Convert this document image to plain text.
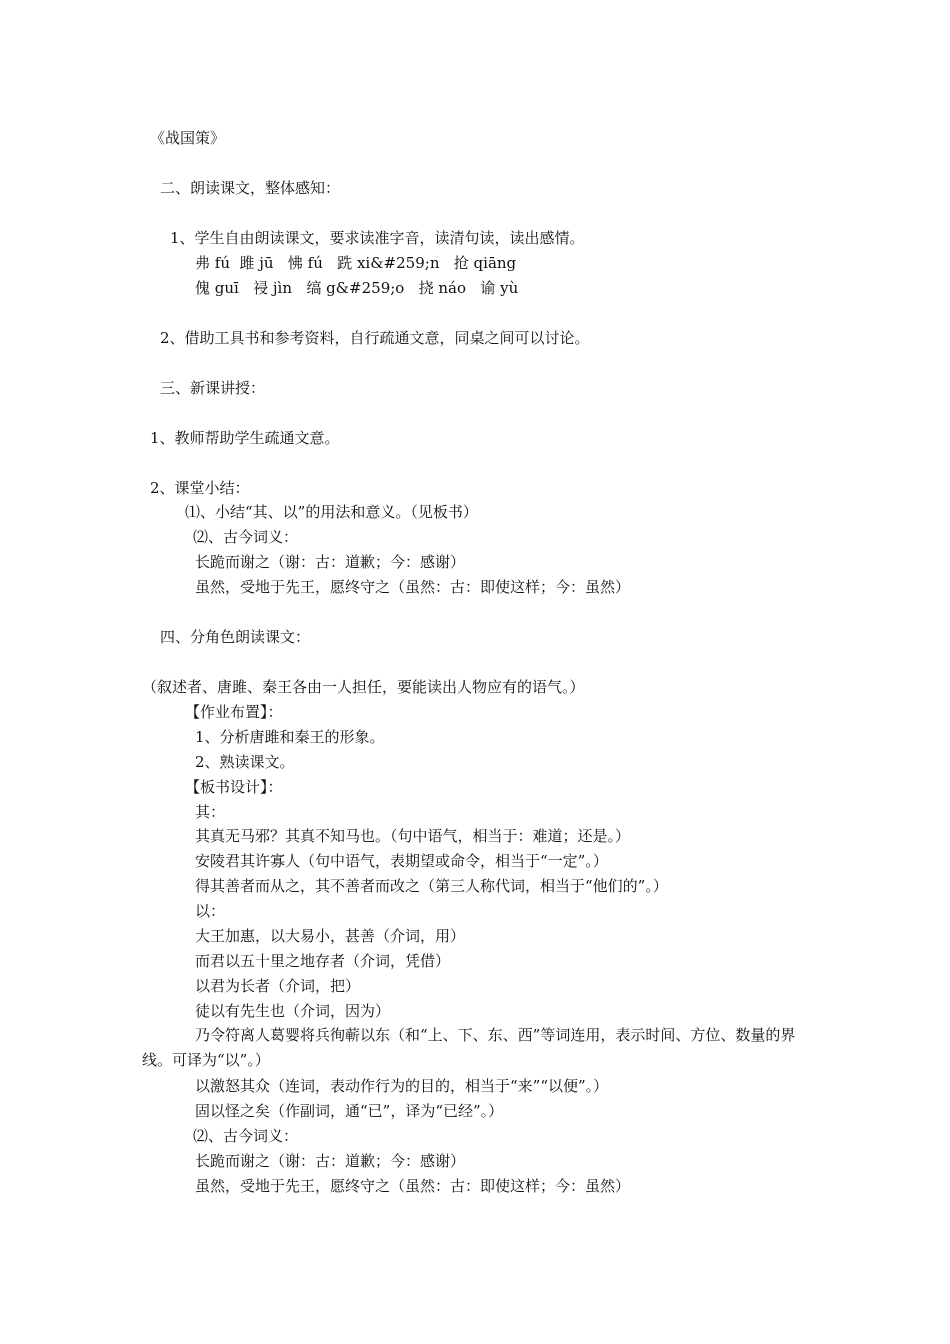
《战国策》
二、朗读课文，整体感知：
1、学生自由朗读课文，要求读准字音，读清句读，读出感情。
弗 fú  雎 jū   怫 fú   跣 xi&#259;n   抢 qiāng
傀 guī   祲 jìn   缟 g&#259;o   挠 náo   谕 yù
2、借助工具书和参考资料，自行疏通文意，同桌之间可以讨论。
三、新课讲授：
1、教师帮助学生疏通文意。
2、课堂小结：
⑴、小结“其、以”的用法和意义。（见板书）
⑵、古今词义：
长跪而谢之（谢：古：道歉；今：感谢）
虽然，受地于先王，愿终守之（虽然：古：即使这样；今：虽然）
四、分角色朗读课文：
（叙述者、唐雎、秦王各由一人担任，要能读出人物应有的语气。）
【作业布置】：
1、分析唐雎和秦王的形象。
2、熟读课文。
【板书设计】：
其：
其真无马邪？其真不知马也。（句中语气，相当于：难道；还是。）
安陵君其许寡人（句中语气，表期望或命令，相当于“一定”。）
得其善者而从之，其不善者而改之（第三人称代词，相当于“他们的”。）
以：
大王加惠，以大易小，甚善（介词，用）
而君以五十里之地存者（介词，凭借）
以君为长者（介词，把）
徒以有先生也（介词，因为）
乃令符离人葛婴将兵徇蕲以东（和“上、下、东、西”等词连用，表示时间、方位、数量的界线。可译为“以”。）
以激怒其众（连词，表动作行为的目的，相当于“来”“以便”。）
固以怪之矣（作副词，通“已”，译为“已经”。）
⑵、古今词义：
长跪而谢之（谢：古：道歉；今：感谢）
虽然，受地于先王，愿终守之（虽然：古：即使这样；今：虽然）
